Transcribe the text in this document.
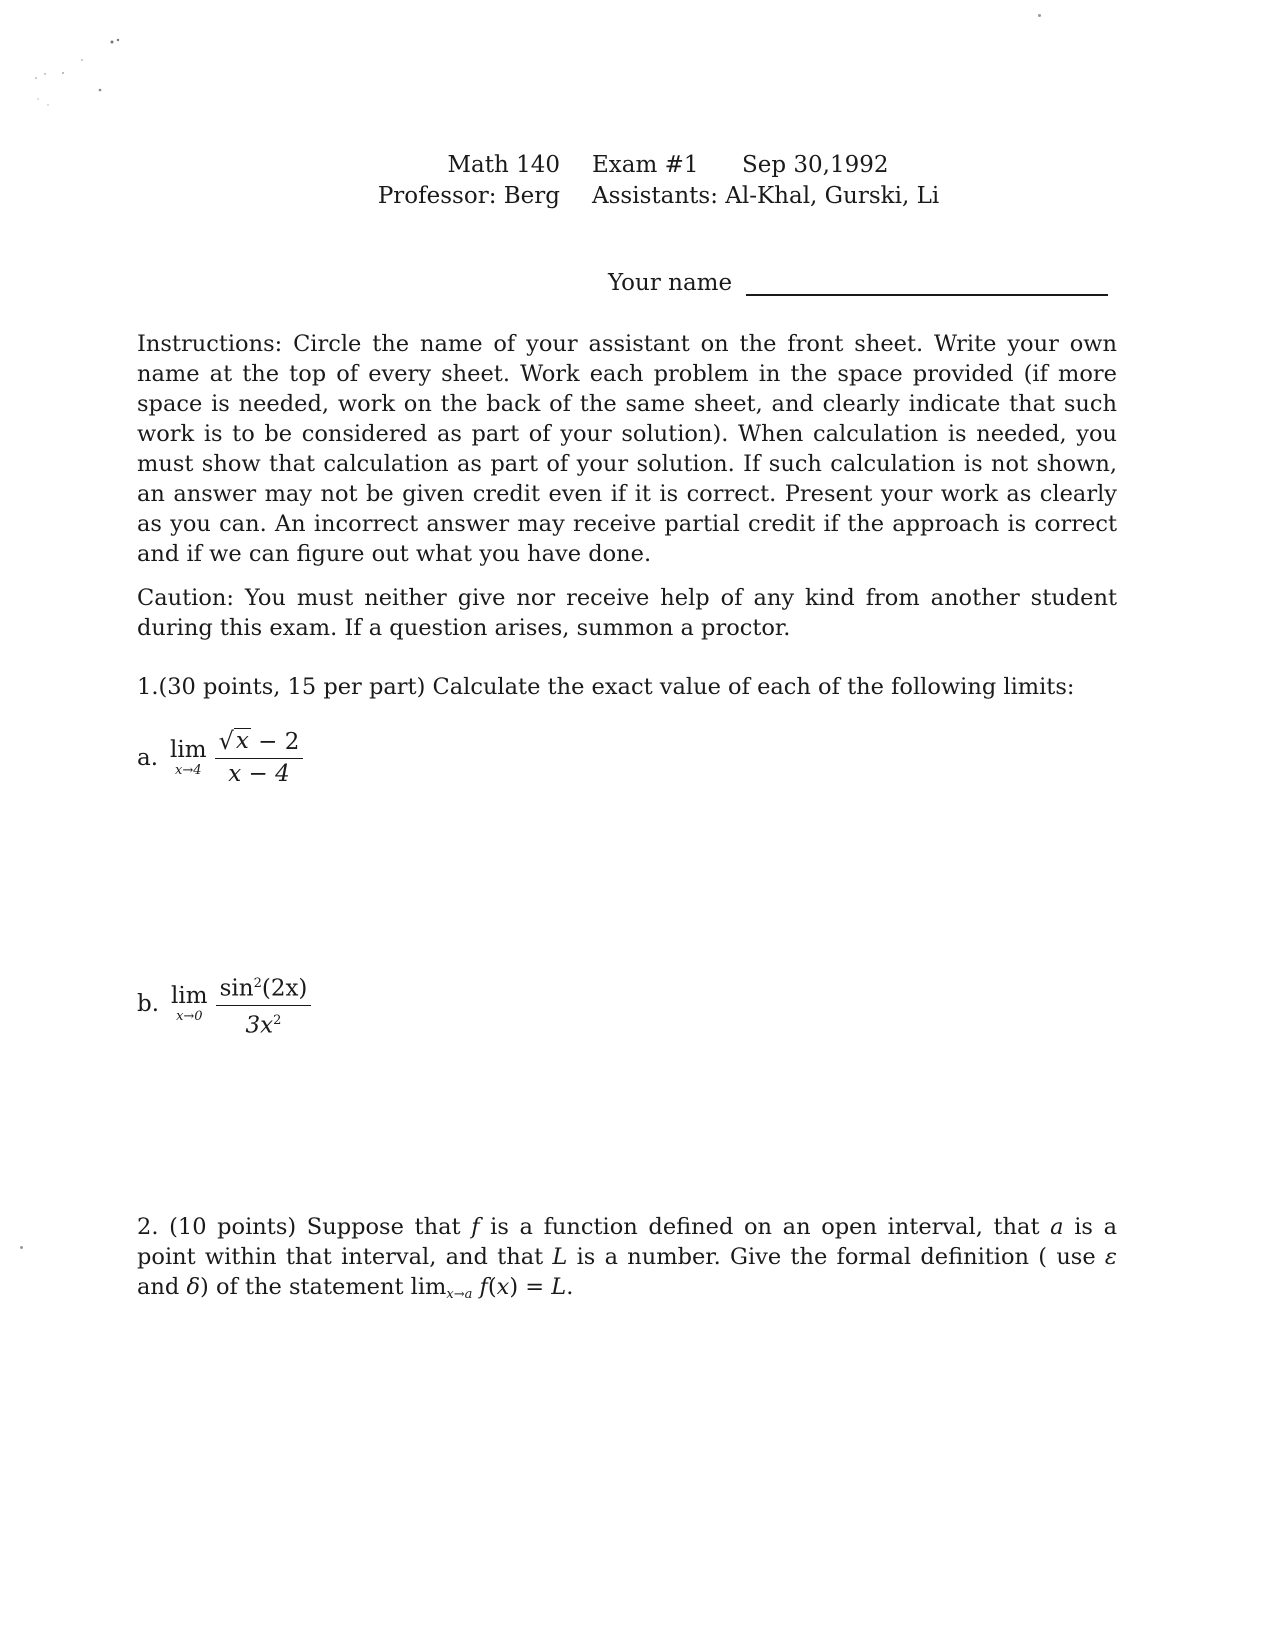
Math 140	Exam #1	Sep 30,1992
Professor: Berg	Assistants: Al-Khal, Gurski, Li
Your name
Instructions: Circle the name of your assistant on the front sheet. Write your own name at the top of every sheet. Work each problem in the space provided (if more space is needed, work on the back of the same sheet, and clearly indicate that such work is to be considered as part of your solution). When calculation is needed, you must show that calculation as part of your solution. If such calculation is not shown, an answer may not be given credit even if it is correct. Present your work as clearly as you can. An incorrect answer may receive partial credit if the approach is correct and if we can figure out what you have done.
Caution: You must neither give nor receive help of any kind from another student during this exam. If a question arises, summon a proctor.
1.(30 points, 15 per part) Calculate the exact value of each of the following limits:
a. lim
$x\to 4 \frac{√ x - 2}{x - 4}$
b. lim
$x\to 0 \frac{\sin^2(2x)}{3x^2}$
2. (10 points) Suppose that f is a function defined on an open interval, that a is a point within that interval, and that L is a number. Give the formal definition ( use ε and δ) of the statement limx→a f(x) = L.
